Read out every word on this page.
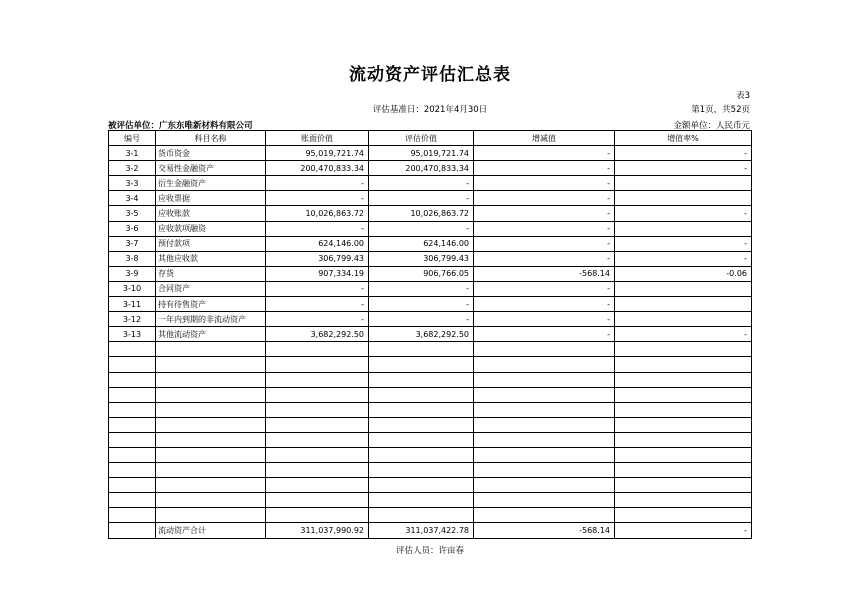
流动资产评估汇总表
表3
评估基准日：2021年4月30日	第1页，共52页
被评估单位：广东东唯新材料有限公司	金额单位：人民币元
编号	科目名称	账面价值	评估价值	增减值	增值率%
3-1	货币资金	95,019,721.74	95,019,721.74	-	-
3-2	交易性金融资产	200,470,833.34	200,470,833.34	-	-
3-3	衍生金融资产	-	-	-	
3-4	应收票据	-	-	-	
3-5	应收账款	10,026,863.72	10,026,863.72	-	-
3-6	应收款项融资	-	-	-	
3-7	预付款项	624,146.00	624,146.00	-	-
3-8	其他应收款	306,799.43	306,799.43	-	-
3-9	存货	907,334.19	906,766.05	-568.14	-0.06
3-10	合同资产	-	-	-	
3-11	持有待售资产	-	-	-	
3-12	一年内到期的非流动资产	-	-	-	
3-13	其他流动资产	3,682,292.50	3,682,292.50	-	-

	流动资产合计	311,037,990.92	311,037,422.78	-568.14	-
评估人员：许亩春
